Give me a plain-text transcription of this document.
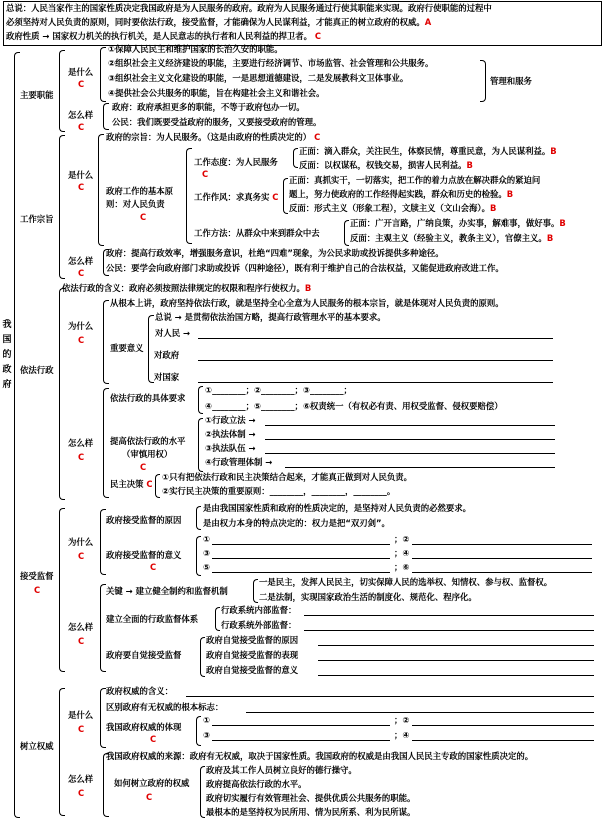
总说：人民当家作主的国家性质决定我国政府是为人民服务的政府。政府为人民服务通过行使其职能来实现。政府行使职能的过程中
必须坚持对人民负责的原则，同时要依法行政，接受监督，才能确保为人民谋利益，才能真正的树立政府的权威。A
政府性质 → 国家权力机关的执行机关，是人民意志的执行者和人民利益的捍卫者。 C
我国的政府
主要职能
是什么
C
①保障人民民主和维护国家的长治久安的职能。
②组织社会主义经济建设的职能，主要进行经济调节、市场监管、社会管理和公共服务。
③组织社会主义文化建设的职能，一是思想道德建设，二是发展教科文卫体事业。
④提供社会公共服务的职能，旨在构建社会主义和谐社会。
管理和服务
怎么样
C
政府：政府承担更多的职能，不等于政府包办一切。
公民：我们既要受益政府的服务，又要接受政府的管理。
工作宗旨
是什么
C
政府的宗旨：为人民服务。（这是由政府的性质决定的） C
政府工作的基本原
则：对人民负责
C
工作态度：为人民服务
C
正面：滴入群众，关注民生，体察民情，尊重民意，为人民谋利益。B
反面：以权谋私，权钱交易，损害人民利益。B
工作作风：求真务实 C
正面：真抓实干，一切落实，把工作的着力点放在解决群众的紧迫问
题上，努力使政府的工作经得起实践，群众和历史的检验。B
反面：形式主义（形象工程），文牍主义（文山会海）。B
工作方法：从群众中来到群众中去
正面：广开言路，广纳良策，办实事，解难事，做好事。B
反面：主观主义（经验主义，教条主义），官僚主义。B
怎么样
C
政府：提高行政效率，增强服务意识，杜绝“四难”现象，为公民求助或投诉提供多种途径。
公民：要学会向政府部门求助或投诉（四种途径），既有利于维护自己的合法权益，又能促进政府改进工作。
依法行政
依法行政的含义：政府必须按照法律规定的权限和程序行使权力。B
为什么
C
从根本上讲，政府坚持依法行政，就是坚持全心全意为人民服务的根本宗旨，就是体现对人民负责的原则。
重要意义
总说 → 是贯彻依法治国方略，提高行政管理水平的基本要求。
对人民 →
对政府
对国家
怎么样
C
依法行政的具体要求
①________；②________；③________；
④________；⑤________；⑥权责统一（有权必有责、用权受监督、侵权要赔偿）
提高依法行政的水平
（审慎用权）
C
①行政立法 →
②执法体制 →
③执法队伍 →
④行政管理体制 →
民主决策 C
①只有把依法行政和民主决策结合起来，才能真正做到对人民负责。
②实行民主决策的重要原则：________，________，________。
接受监督
C
为什么
C
政府接受监督的原因
是由我国国家性质和政府的性质决定的，是坚持对人民负责的必然要求。
是由权力本身的特点决定的：权力是把“双刃剑”。
政府接受监督的意义
C
①	；②
③	；④
⑤	；⑥
怎么样
C
关键 → 建立健全制约和监督机制
一是民主，发挥人民民主，切实保障人民的选举权、知情权、参与权、监督权。
二是法制，实现国家政治生活的制度化、规范化、程序化。
建立全面的行政监督体系
行政系统内部监督：
行政系统外部监督：
政府要自觉接受监督
政府自觉接受监督的原因
政府自觉接受监督的表现
政府自觉接受监督的意义
树立权威
是什么
C
政府权威的含义：
区别政府有无权威的根本标志：
我国政府权威的体现
C
①	；②
③	；④
怎么样
C
我国政府权威的来源：政府有无权威，取决于国家性质。我国政府的权威是由我国人民民主专政的国家性质决定的。
如何树立政府的权威
C
政府及其工作人员树立良好的德行操守。
政府提高依法行政的水平。
政府切实履行有效管理社会、提供优质公共服务的职能。
最根本的是坚持权为民所用、情为民所系、利为民所谋。
